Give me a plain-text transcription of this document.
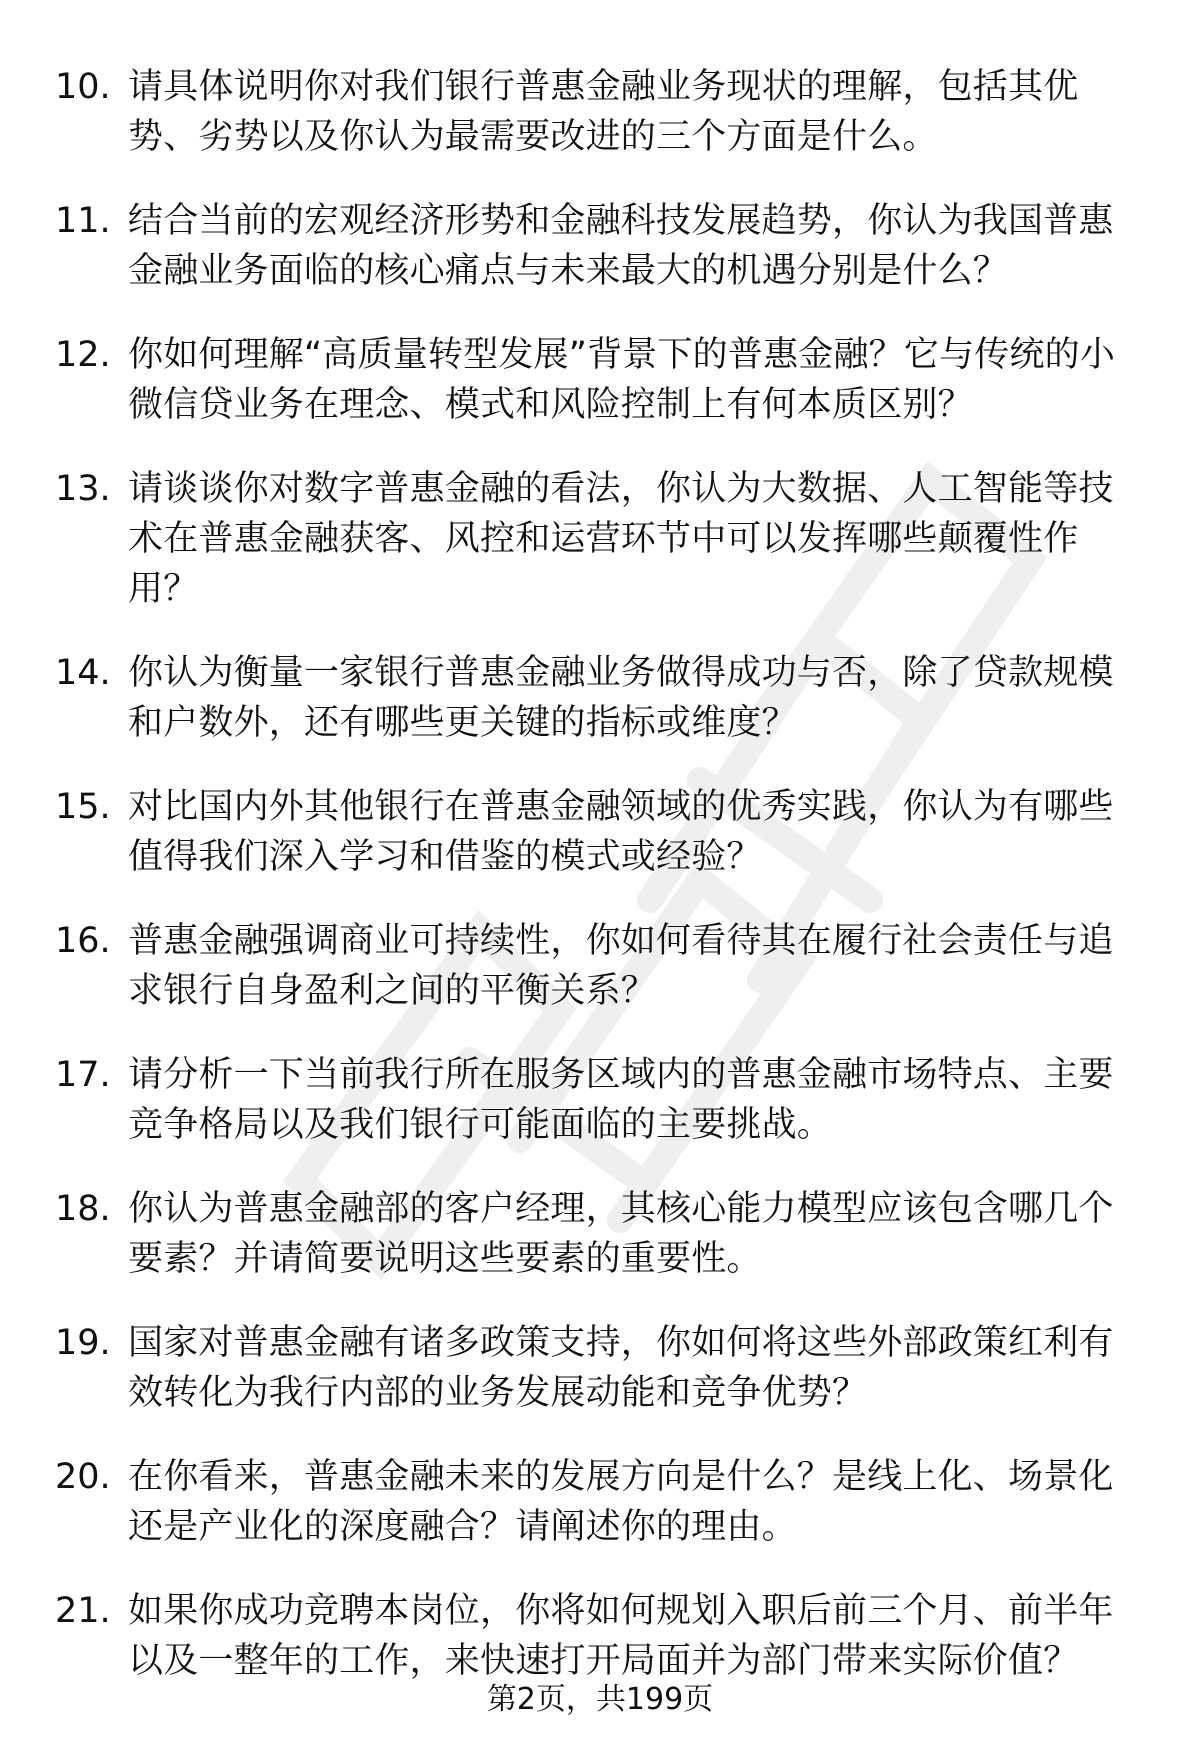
10. 请具体说明你对我们银行普惠金融业务现状的理解，包括其优势、劣势以及你认为最需要改进的三个方面是什么。
11. 结合当前的宏观经济形势和金融科技发展趋势，你认为我国普惠金融业务面临的核心痛点与未来最大的机遇分别是什么？
12. 你如何理解“高质量转型发展”背景下的普惠金融？它与传统的小微信贷业务在理念、模式和风险控制上有何本质区别？
13. 请谈谈你对数字普惠金融的看法，你认为大数据、人工智能等技术在普惠金融获客、风控和运营环节中可以发挥哪些颠覆性作用？
14. 你认为衡量一家银行普惠金融业务做得成功与否，除了贷款规模和户数外，还有哪些更关键的指标或维度？
15. 对比国内外其他银行在普惠金融领域的优秀实践，你认为有哪些值得我们深入学习和借鉴的模式或经验？
16. 普惠金融强调商业可持续性，你如何看待其在履行社会责任与追求银行自身盈利之间的平衡关系？
17. 请分析一下当前我行所在服务区域内的普惠金融市场特点、主要竞争格局以及我们银行可能面临的主要挑战。
18. 你认为普惠金融部的客户经理，其核心能力模型应该包含哪几个要素？并请简要说明这些要素的重要性。
19. 国家对普惠金融有诸多政策支持，你如何将这些外部政策红利有效转化为我行内部的业务发展动能和竞争优势？
20. 在你看来，普惠金融未来的发展方向是什么？是线上化、场景化还是产业化的深度融合？请阐述你的理由。
21. 如果你成功竞聘本岗位，你将如何规划入职后前三个月、前半年以及一整年的工作，来快速打开局面并为部门带来实际价值？
第2页，共199页
